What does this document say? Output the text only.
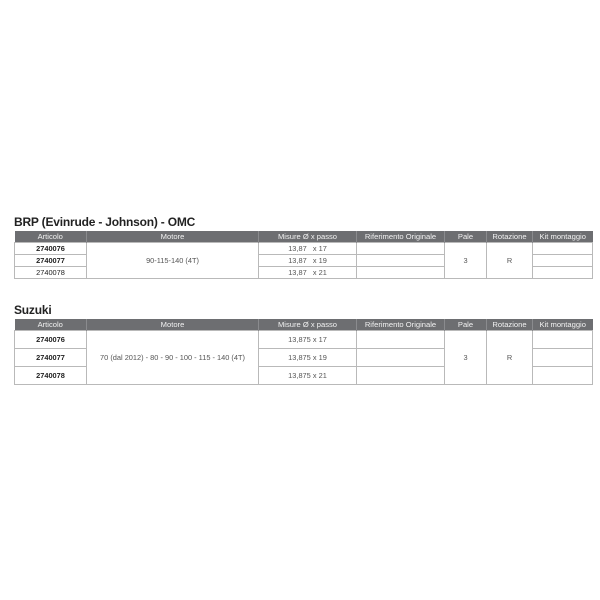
BRP (Evinrude - Johnson) - OMC
Articolo	Motore	Misure Ø x passo	Riferimento Originale	Pale	Rotazione	Kit montaggio
2740076	90-115-140 (4T)	13,87   x 17		3	R	
2740077		13,87   x 19				
2740078		13,87   x 21				
Suzuki
Articolo	Motore	Misure Ø x passo	Riferimento Originale	Pale	Rotazione	Kit montaggio
2740076	70 (dal 2012) - 80 - 90 - 100 - 115 - 140 (4T)	13,875 x 17		3	R	
2740077		13,875 x 19				
2740078		13,875 x 21				
